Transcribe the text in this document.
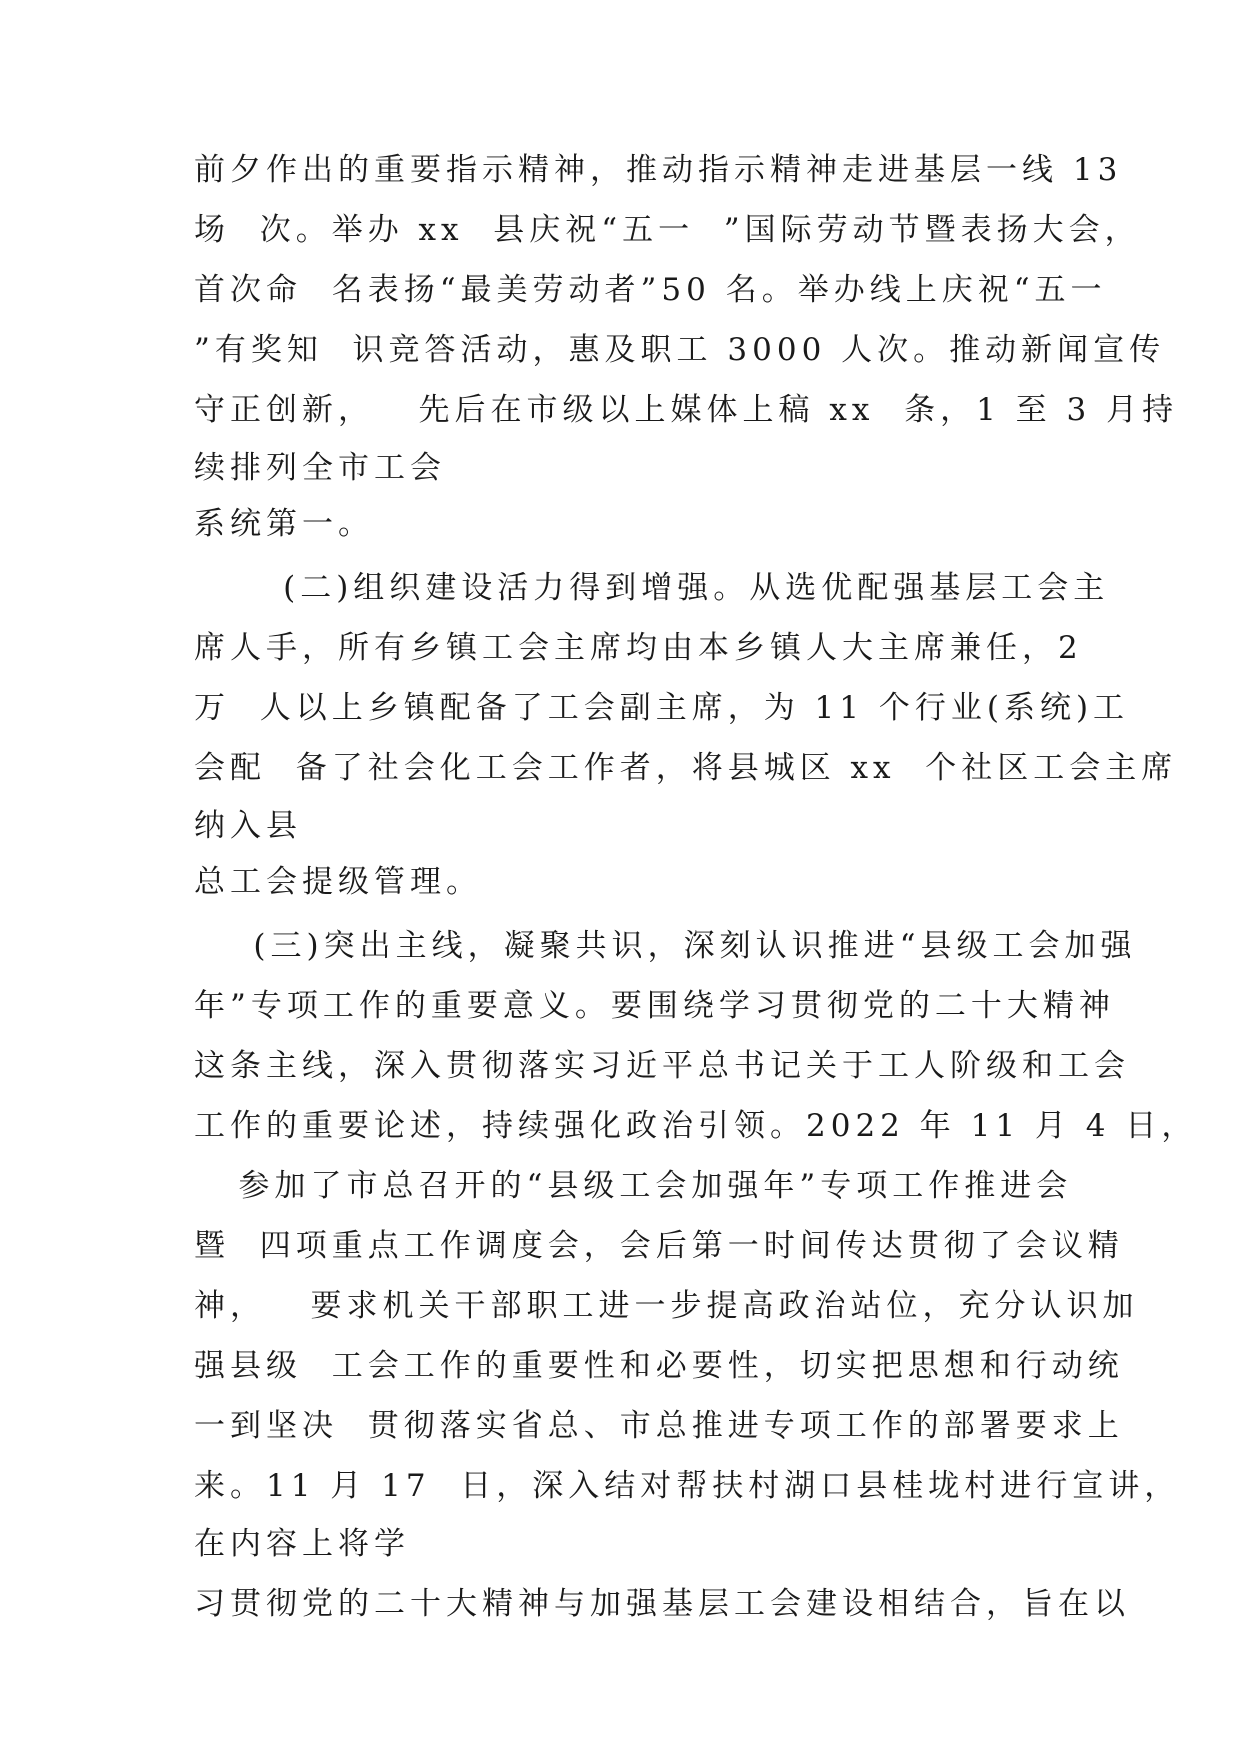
前夕作出的重要指示精神，推动指示精神走进基层一线 13
场  次。举办 xx  县庆祝“五一  ”国际劳动节暨表扬大会，
首次命  名表扬“最美劳动者”50 名。举办线上庆祝“五一
”有奖知  识竞答活动，惠及职工 3000 人次。推动新闻宣传
守正创新，   先后在市级以上媒体上稿 xx  条，1 至 3 月持
续排列全市工会
系统第一。
(二)组织建设活力得到增强。从选优配强基层工会主
席人手，所有乡镇工会主席均由本乡镇人大主席兼任，2
万  人以上乡镇配备了工会副主席，为 11 个行业(系统)工
会配  备了社会化工会工作者，将县城区 xx  个社区工会主席
纳入县
总工会提级管理。
(三)突出主线，凝聚共识，深刻认识推进“县级工会加强
年”专项工作的重要意义。要围绕学习贯彻党的二十大精神
这条主线，深入贯彻落实习近平总书记关于工人阶级和工会
工作的重要论述，持续强化政治引领。2022 年 11 月 4 日，
参加了市总召开的“县级工会加强年”专项工作推进会
暨  四项重点工作调度会，会后第一时间传达贯彻了会议精
神，   要求机关干部职工进一步提高政治站位，充分认识加
强县级  工会工作的重要性和必要性，切实把思想和行动统
一到坚决  贯彻落实省总、市总推进专项工作的部署要求上
来。11 月 17  日，深入结对帮扶村湖口县桂垅村进行宣讲，
在内容上将学
习贯彻党的二十大精神与加强基层工会建设相结合，旨在以
